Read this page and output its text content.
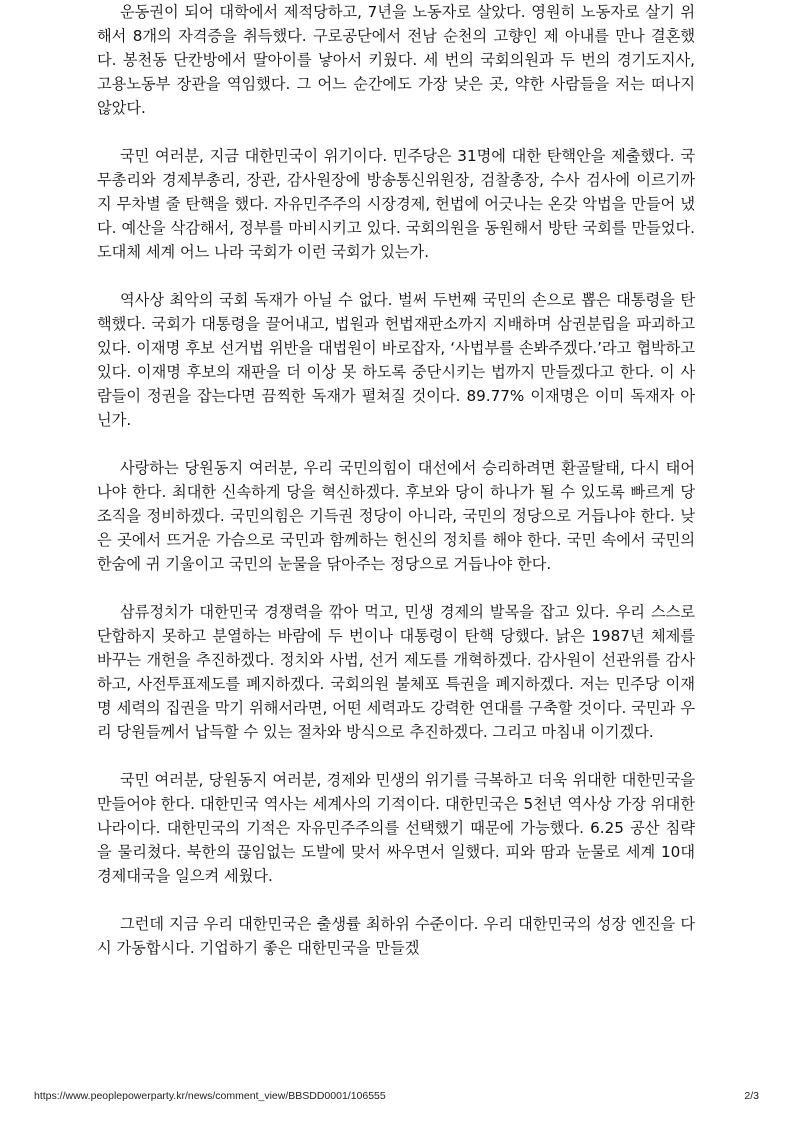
운동권이 되어 대학에서 제적당하고, 7년을 노동자로 살았다. 영원히 노동자로 살기 위해서 8개의 자격증을 취득했다. 구로공단에서 전남 순천의 고향인 제 아내를 만나 결혼했다. 봉천동 단칸방에서 딸아이를 낳아서 키웠다. 세 번의 국회의원과 두 번의 경기도지사, 고용노동부 장관을 역임했다. 그 어느 순간에도 가장 낮은 곳, 약한 사람들을 저는 떠나지 않았다.

국민 여러분, 지금 대한민국이 위기이다. 민주당은 31명에 대한 탄핵안을 제출했다. 국무총리와 경제부총리, 장관, 감사원장에 방송통신위원장, 검찰총장, 수사 검사에 이르기까지 무차별 줄 탄핵을 했다. 자유민주주의 시장경제, 헌법에 어긋나는 온갖 악법을 만들어 냈다. 예산을 삭감해서, 정부를 마비시키고 있다. 국회의원을 동원해서 방탄 국회를 만들었다. 도대체 세계 어느 나라 국회가 이런 국회가 있는가.

역사상 최악의 국회 독재가 아닐 수 없다. 벌써 두번째 국민의 손으로 뽑은 대통령을 탄핵했다. 국회가 대통령을 끌어내고, 법원과 헌법재판소까지 지배하며 삼권분립을 파괴하고 있다. 이재명 후보 선거법 위반을 대법원이 바로잡자, ‘사법부를 손봐주겠다.’라고 협박하고 있다. 이재명 후보의 재판을 더 이상 못 하도록 중단시키는 법까지 만들겠다고 한다. 이 사람들이 정권을 잡는다면 끔찍한 독재가 펼쳐질 것이다. 89.77% 이재명은 이미 독재자 아닌가.

사랑하는 당원동지 여러분, 우리 국민의힘이 대선에서 승리하려면 환골탈태, 다시 태어나야 한다. 최대한 신속하게 당을 혁신하겠다. 후보와 당이 하나가 될 수 있도록 빠르게 당 조직을 정비하겠다. 국민의힘은 기득권 정당이 아니라, 국민의 정당으로 거듭나야 한다. 낮은 곳에서 뜨거운 가슴으로 국민과 함께하는 헌신의 정치를 해야 한다. 국민 속에서 국민의 한숨에 귀 기울이고 국민의 눈물을 닦아주는 정당으로 거듭나야 한다.

삼류정치가 대한민국 경쟁력을 깎아 먹고, 민생 경제의 발목을 잡고 있다. 우리 스스로 단합하지 못하고 분열하는 바람에 두 번이나 대통령이 탄핵 당했다. 낡은 1987년 체제를 바꾸는 개헌을 추진하겠다. 정치와 사법, 선거 제도를 개혁하겠다. 감사원이 선관위를 감사하고, 사전투표제도를 폐지하겠다. 국회의원 불체포 특권을 폐지하겠다. 저는 민주당 이재명 세력의 집권을 막기 위해서라면, 어떤 세력과도 강력한 연대를 구축할 것이다. 국민과 우리 당원들께서 납득할 수 있는 절차와 방식으로 추진하겠다. 그리고 마침내 이기겠다.

국민 여러분, 당원동지 여러분, 경제와 민생의 위기를 극복하고 더욱 위대한 대한민국을 만들어야 한다. 대한민국 역사는 세계사의 기적이다. 대한민국은 5천년 역사상 가장 위대한 나라이다. 대한민국의 기적은 자유민주주의를 선택했기 때문에 가능했다. 6.25 공산 침략을 물리쳤다. 북한의 끊임없는 도발에 맞서 싸우면서 일했다. 피와 땀과 눈물로 세계 10대 경제대국을 일으켜 세웠다.

그런데 지금 우리 대한민국은 출생률 최하위 수준이다. 우리 대한민국의 성장 엔진을 다시 가동합시다. 기업하기 좋은 대한민국을 만들겠

https://www.peoplepowerparty.kr/news/comment_view/BBSDD0001/106555	2/3
